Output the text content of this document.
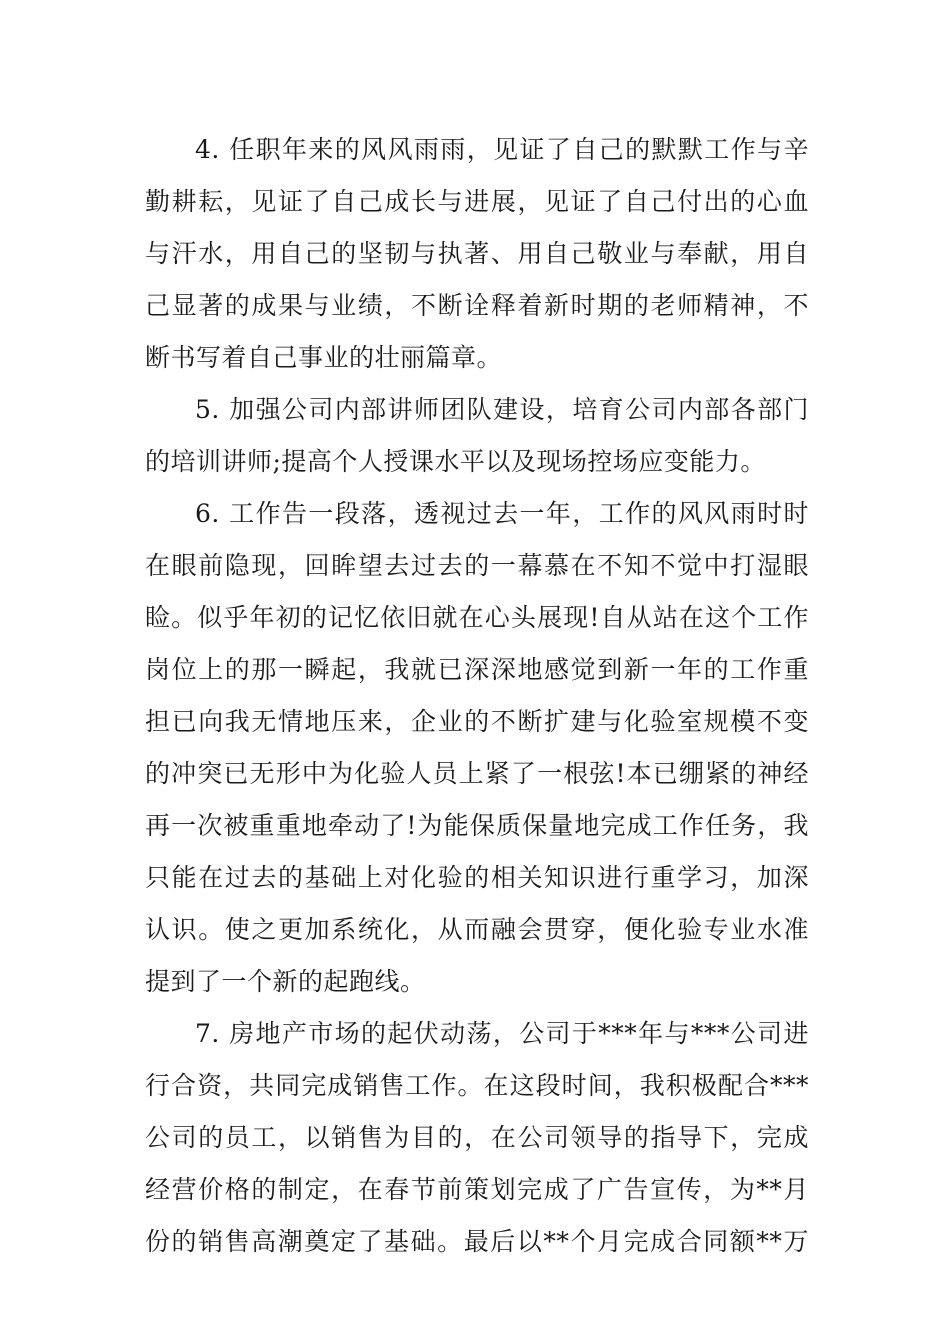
4. 任职年来的风风雨雨，见证了自己的默默工作与辛
勤耕耘，见证了自己成长与进展，见证了自己付出的心血
与汗水，用自己的坚韧与执著、用自己敬业与奉献，用自
己显著的成果与业绩，不断诠释着新时期的老师精神，不
断书写着自己事业的壮丽篇章。
5. 加强公司内部讲师团队建设，培育公司内部各部门
的培训讲师;提高个人授课水平以及现场控场应变能力。
6. 工作告一段落，透视过去一年，工作的风风雨时时
在眼前隐现，回眸望去过去的一幕慕在不知不觉中打湿眼
睑。似乎年初的记忆依旧就在心头展现!自从站在这个工作
岗位上的那一瞬起，我就已深深地感觉到新一年的工作重
担已向我无情地压来，企业的不断扩建与化验室规模不变
的冲突已无形中为化验人员上紧了一根弦!本已绷紧的神经
再一次被重重地牵动了!为能保质保量地完成工作任务，我
只能在过去的基础上对化验的相关知识进行重学习，加深
认识。使之更加系统化，从而融会贯穿，便化验专业水准
提到了一个新的起跑线。
7. 房地产市场的起伏动荡，公司于***年与***公司进
行合资，共同完成销售工作。在这段时间，我积极配合***
公司的员工，以销售为目的，在公司领导的指导下，完成
经营价格的制定，在春节前策划完成了广告宣传，为**月
份的销售高潮奠定了基础。最后以**个月完成合同额**万
